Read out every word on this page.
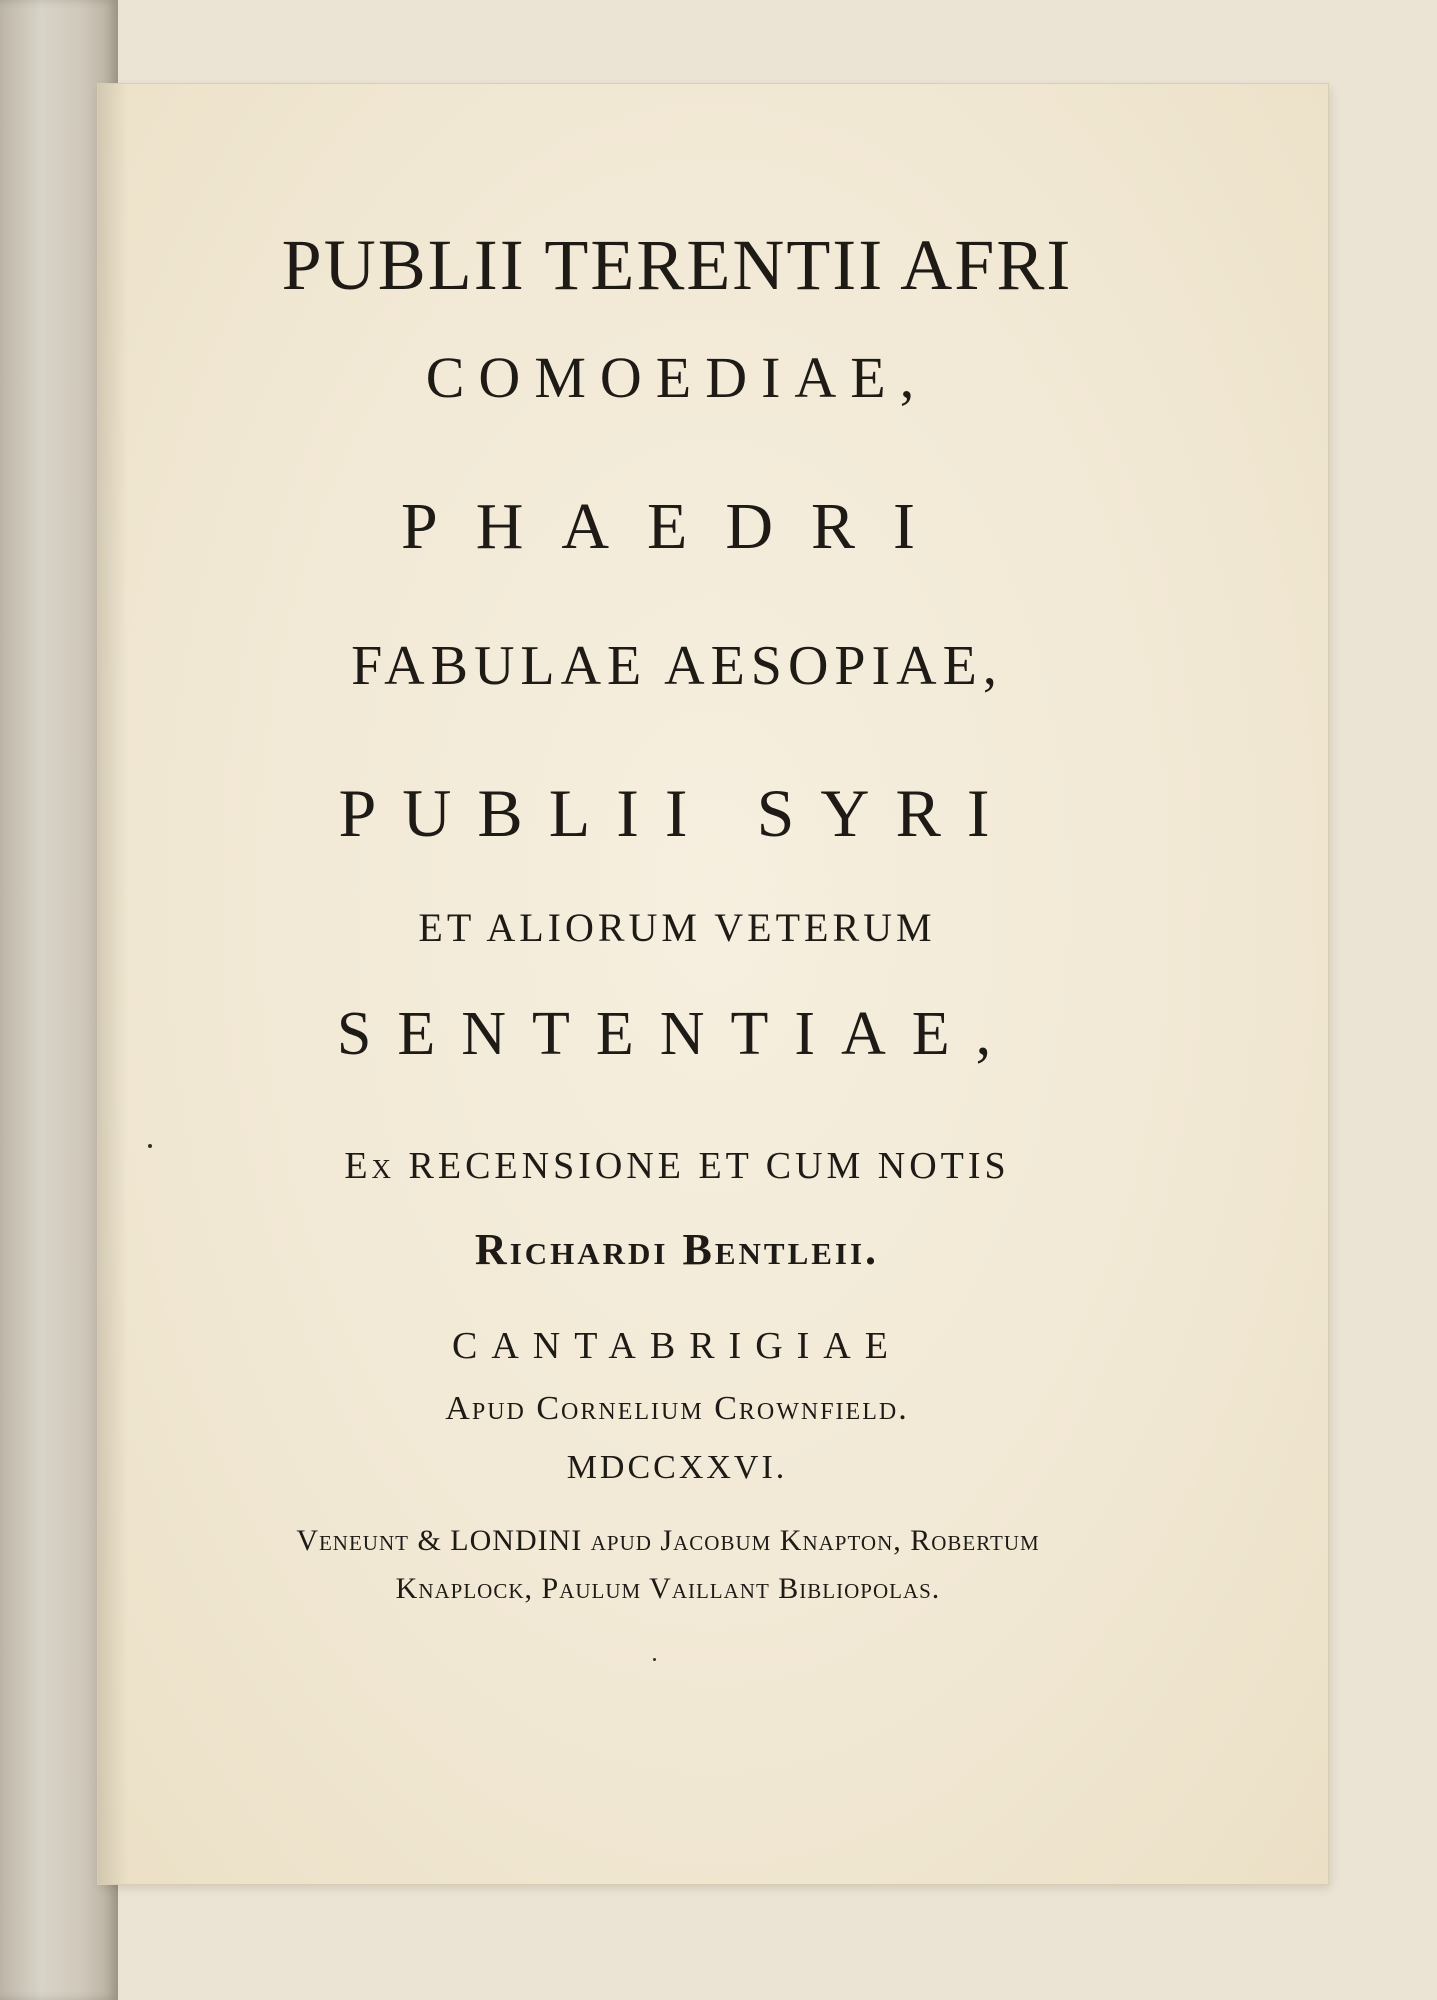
PUBLII TERENTII AFRI
COMOEDIAE,
PHAEDRI
FABULAE AESOPIAE,
PUBLII SYRI
ET ALIORUM VETERUM
SENTENTIAE,
Ex RECENSIONE ET CUM NOTIS
Richardi Bentleii.
CANTABRIGIAE
Apud Cornelium Crownfield.
MDCCXXVI.
Veneunt & LONDINI apud Jacobum Knapton, Robertum
Knaplock, Paulum Vaillant Bibliopolas.
